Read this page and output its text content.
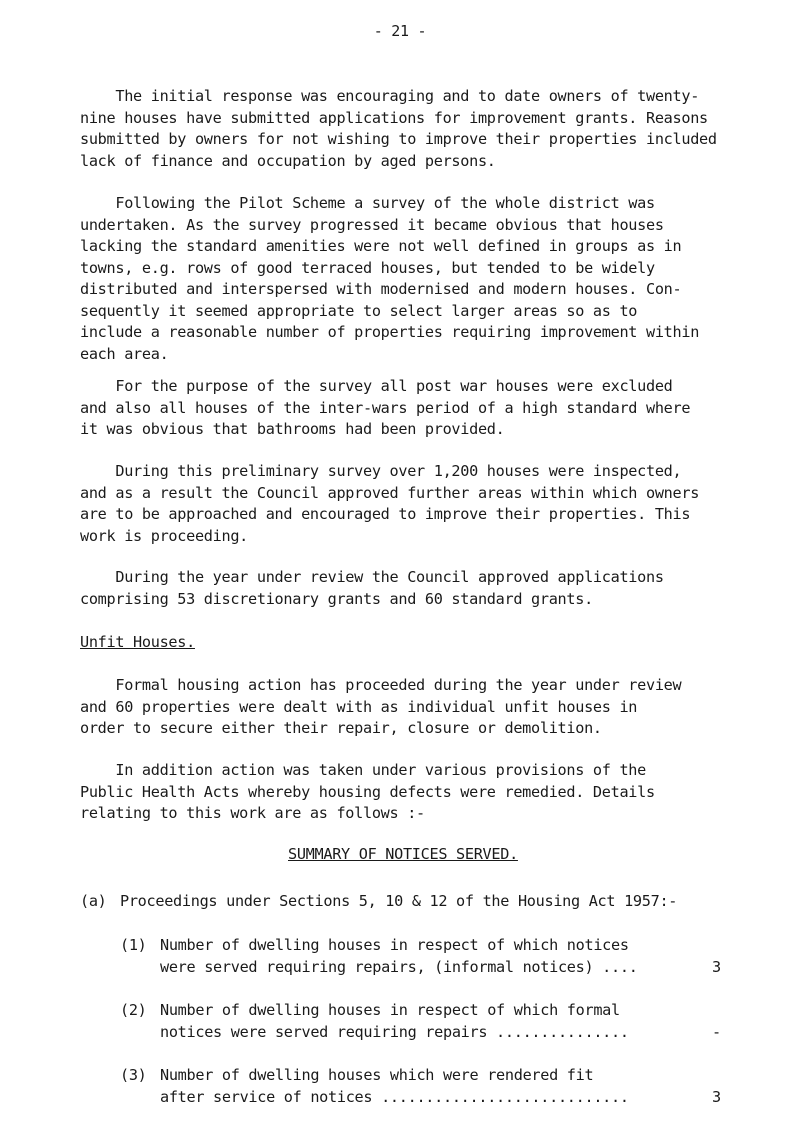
- 21 -
The initial response was encouraging and to date owners of twenty-
nine houses have submitted applications for improvement grants. Reasons
submitted by owners for not wishing to improve their properties included
lack of finance and occupation by aged persons.
Following the Pilot Scheme a survey of the whole district was
undertaken. As the survey progressed it became obvious that houses
lacking the standard amenities were not well defined in groups as in
towns, e.g. rows of good terraced houses, but tended to be widely
distributed and interspersed with modernised and modern houses. Con-
sequently it seemed appropriate to select larger areas so as to
include a reasonable number of properties requiring improvement within
each area.
For the purpose of the survey all post war houses were excluded
and also all houses of the inter-wars period of a high standard where
it was obvious that bathrooms had been provided.
During this preliminary survey over 1,200 houses were inspected,
and as a result the Council approved further areas within which owners
are to be approached and encouraged to improve their properties. This
work is proceeding.
During the year under review the Council approved applications
comprising 53 discretionary grants and 60 standard grants.
Unfit Houses.
Formal housing action has proceeded during the year under review
and 60 properties were dealt with as individual unfit houses in
order to secure either their repair, closure or demolition.
In addition action was taken under various provisions of the
Public Health Acts whereby housing defects were remedied. Details
relating to this work are as follows :-
SUMMARY OF NOTICES SERVED.
(a) Proceedings under Sections 5, 10 & 12 of the Housing Act 1957:-
(1) Number of dwelling houses in respect of which notices
were served requiring repairs, (informal notices) ....	3
(2) Number of dwelling houses in respect of which formal
notices were served requiring repairs ...............	-
(3) Number of dwelling houses which were rendered fit
after service of notices ............................	3
